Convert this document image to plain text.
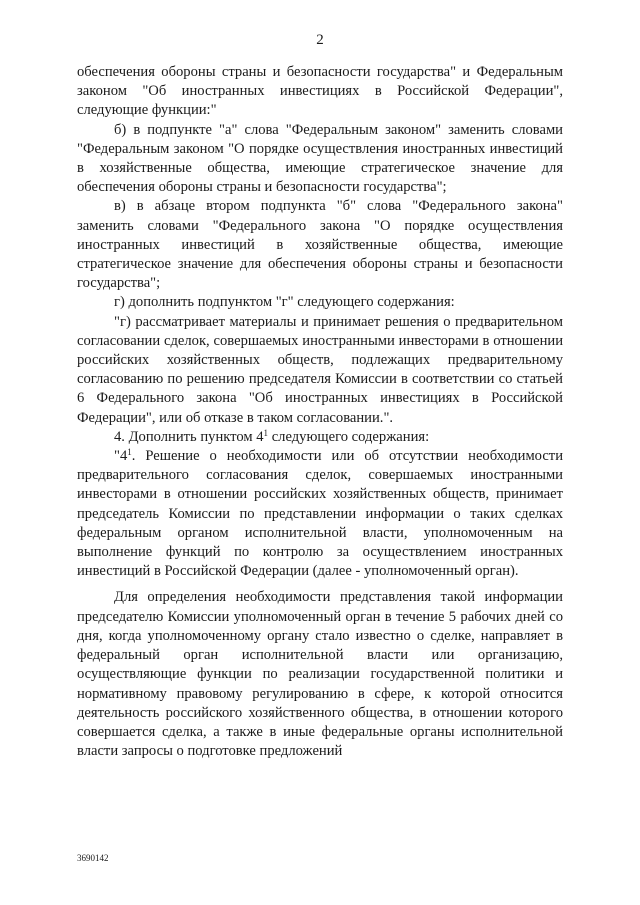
2

обеспечения обороны страны и безопасности государства" и Федеральным законом "Об иностранных инвестициях в Российской Федерации", следующие функции:"

б) в подпункте "а" слова "Федеральным законом" заменить словами "Федеральным законом "О порядке осуществления иностранных инвестиций в хозяйственные общества, имеющие стратегическое значение для обеспечения обороны страны и безопасности государства";

в) в абзаце втором подпункта "б" слова "Федерального закона" заменить словами "Федерального закона "О порядке осуществления иностранных инвестиций в хозяйственные общества, имеющие стратегическое значение для обеспечения обороны страны и безопасности государства";

г) дополнить подпунктом "г" следующего содержания:

"г) рассматривает материалы и принимает решения о предварительном согласовании сделок, совершаемых иностранными инвесторами в отношении российских хозяйственных обществ, подлежащих предварительному согласованию по решению председателя Комиссии в соответствии со статьей 6 Федерального закона "Об иностранных инвестициях в Российской Федерации", или об отказе в таком согласовании.".

4. Дополнить пунктом $4^1$ следующего содержания:

"$4^1$. Решение о необходимости или об отсутствии необходимости предварительного согласования сделок, совершаемых иностранными инвесторами в отношении российских хозяйственных обществ, принимает председатель Комиссии по представлении информации о таких сделках федеральным органом исполнительной власти, уполномоченным на выполнение функций по контролю за осуществлением иностранных инвестиций в Российской Федерации (далее - уполномоченный орган).

Для определения необходимости представления такой информации председателю Комиссии уполномоченный орган в течение 5 рабочих дней со дня, когда уполномоченному органу стало известно о сделке, направляет в федеральный орган исполнительной власти или организацию, осуществляющие функции по реализации государственной политики и нормативному правовому регулированию в сфере, к которой относится деятельность российского хозяйственного общества, в отношении которого совершается сделка, а также в иные федеральные органы исполнительной власти запросы о подготовке предложений

3690142
